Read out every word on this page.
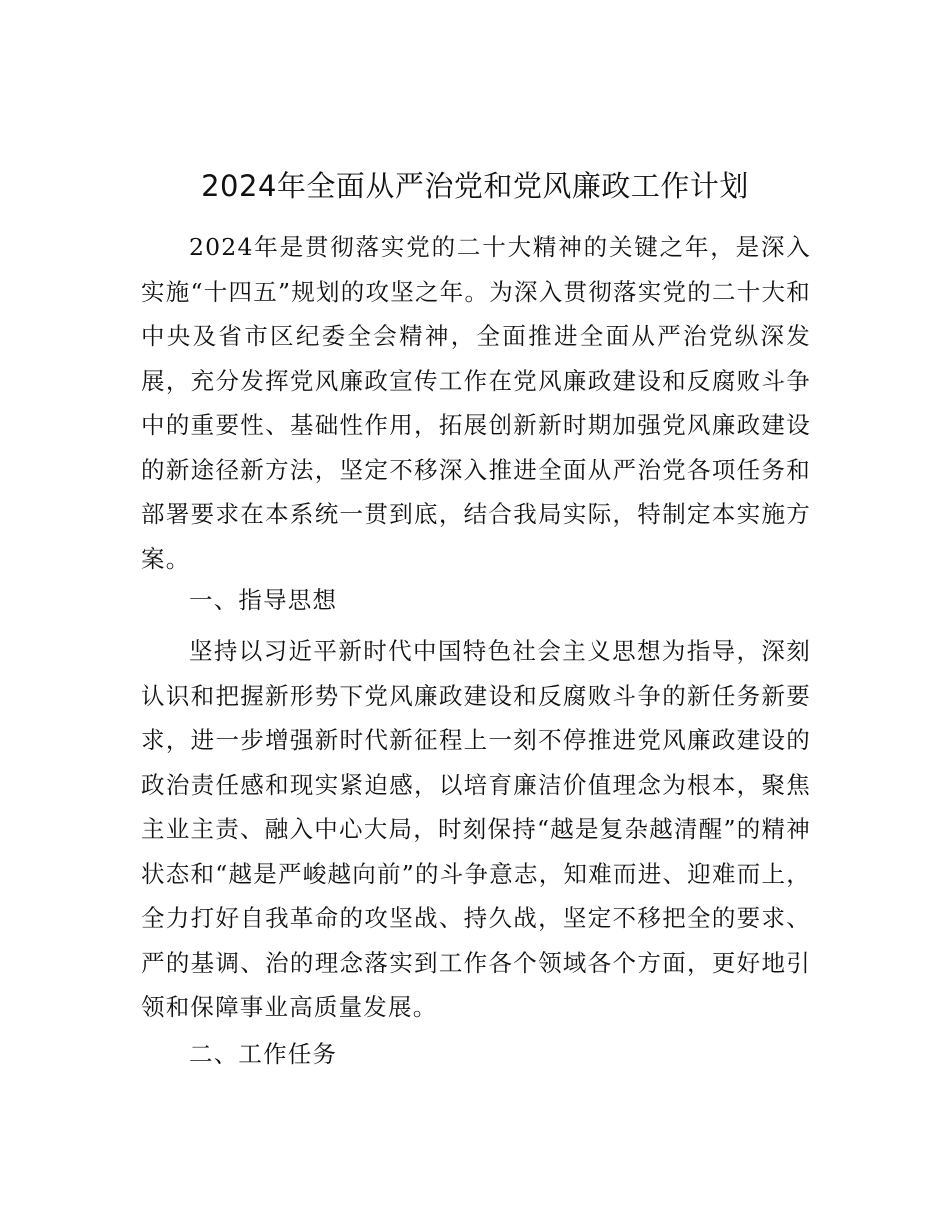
2024年全面从严治党和党风廉政工作计划

2024年是贯彻落实党的二十大精神的关键之年，是深入实施“十四五”规划的攻坚之年。为深入贯彻落实党的二十大和中央及省市区纪委全会精神，全面推进全面从严治党纵深发展，充分发挥党风廉政宣传工作在党风廉政建设和反腐败斗争中的重要性、基础性作用，拓展创新新时期加强党风廉政建设的新途径新方法，坚定不移深入推进全面从严治党各项任务和部署要求在本系统一贯到底，结合我局实际，特制定本实施方案。

一、指导思想

坚持以习近平新时代中国特色社会主义思想为指导，深刻认识和把握新形势下党风廉政建设和反腐败斗争的新任务新要求，进一步增强新时代新征程上一刻不停推进党风廉政建设的政治责任感和现实紧迫感，以培育廉洁价值理念为根本，聚焦主业主责、融入中心大局，时刻保持“越是复杂越清醒”的精神状态和“越是严峻越向前”的斗争意志，知难而进、迎难而上，全力打好自我革命的攻坚战、持久战，坚定不移把全的要求、严的基调、治的理念落实到工作各个领域各个方面，更好地引领和保障事业高质量发展。

二、工作任务
